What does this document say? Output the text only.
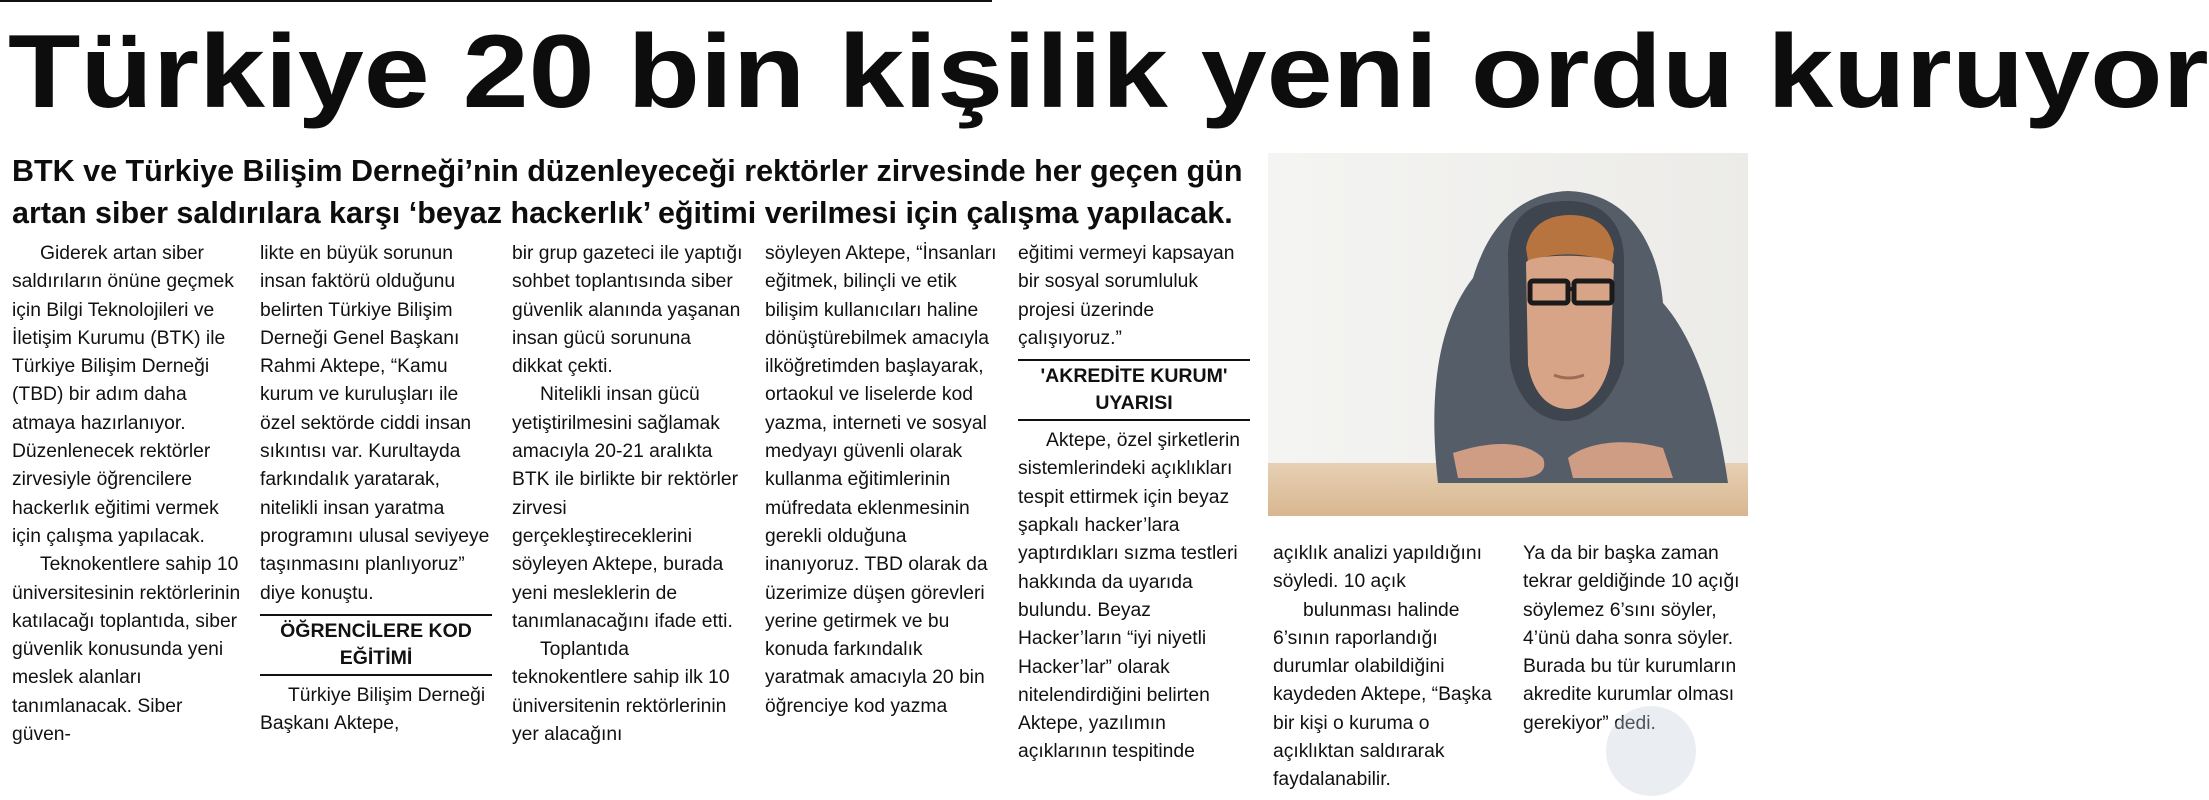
Türkiye 20 bin kişilik yeni ordu kuruyor
BTK ve Türkiye Bilişim Derneği’nin düzenleyeceği rektörler zirvesinde her geçen gün
artan siber saldırılara karşı ‘beyaz hackerlık’ eğitimi verilmesi için çalışma yapılacak.

Giderek artan siber saldırıların önüne geçmek için Bilgi Teknolojileri ve İletişim Kurumu (BTK) ile Türkiye Bilişim Derneği (TBD) bir adım daha atmaya hazırlanıyor. Düzenlenecek rektörler zirvesiyle öğrencilere hackerlık eğitimi vermek için çalışma yapılacak.

Teknokentlere sahip 10 üniversitesinin rektörlerinin katılacağı toplantıda, siber güvenlik konusunda yeni meslek alanları tanımlanacak. Siber güven-

likte en büyük sorunun insan faktörü olduğunu belirten Türkiye Bilişim Derneği Genel Başkanı Rahmi Aktepe, “Kamu kurum ve kuruluşları ile özel sektörde ciddi insan sıkıntısı var. Kurultayda farkındalık yaratarak, nitelikli insan yaratma programını ulusal seviyeye taşınmasını planlıyoruz” diye konuştu.

ÖĞRENCİLERE KOD EĞİTİMİ

Türkiye Bilişim Derneği Başkanı Aktepe,

bir grup gazeteci ile yaptığı sohbet toplantısında siber güvenlik alanında yaşanan insan gücü sorununa dikkat çekti.

Nitelikli insan gücü yetiştirilmesini sağlamak amacıyla 20-21 aralıkta BTK ile birlikte bir rektörler zirvesi gerçekleştireceklerini söyleyen Aktepe, burada yeni mesleklerin de tanımlanacağını ifade etti.

Toplantıda teknokentlere sahip ilk 10 üniversitenin rektörlerinin yer alacağını

söyleyen Aktepe, “İnsanları eğitmek, bilinçli ve etik bilişim kullanıcıları haline dönüştürebilmek amacıyla ilköğretimden başlayarak, ortaokul ve liselerde kod yazma, interneti ve sosyal medyayı güvenli olarak kullanma eğitimlerinin müfredata eklenmesinin gerekli olduğuna inanıyoruz. TBD olarak da üzerimize düşen görevleri yerine getirmek ve bu konuda farkındalık yaratmak amacıyla 20 bin öğrenciye kod yazma

eğitimi vermeyi kapsayan bir sosyal sorumluluk projesi üzerinde çalışıyoruz.”

'AKREDİTE KURUM' UYARISI

Aktepe, özel şirketlerin sistemlerindeki açıklıkları tespit ettirmek için beyaz şapkalı hacker’lara yaptırdıkları sızma testleri hakkında da uyarıda bulundu. Beyaz Hacker’ların “iyi niyetli Hacker’lar” olarak nitelendirdiğini belirten Aktepe, yazılımın açıklarının tespitinde

açıklık analizi yapıldığını söyledi. 10 açık

bulunması halinde 6’sının raporlandığı durumlar olabildiğini kaydeden Aktepe, “Başka bir kişi o kuruma o açıklıktan saldırarak faydalanabilir.

Ya da bir başka zaman tekrar geldiğinde 10 açığı söylemez 6’sını söyler, 4’ünü daha sonra söyler. Burada bu tür kurumların akredite kurumlar olması gerekiyor” dedi.
